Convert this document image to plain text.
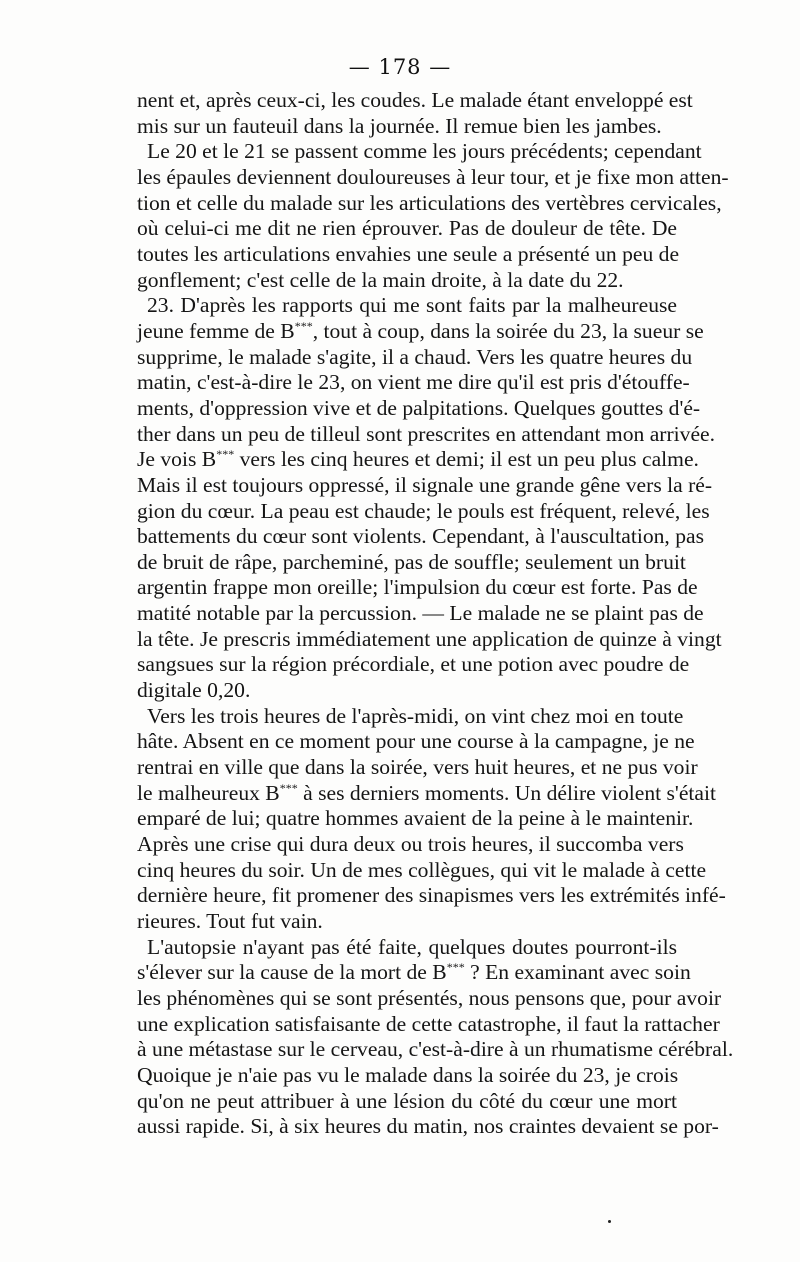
— 178 —
nent et, après ceux-ci, les coudes. Le malade étant enveloppé est
mis sur un fauteuil dans la journée. Il remue bien les jambes.
Le 20 et le 21 se passent comme les jours précédents; cependant
les épaules deviennent douloureuses à leur tour, et je fixe mon atten-
tion et celle du malade sur les articulations des vertèbres cervicales,
où celui-ci me dit ne rien éprouver. Pas de douleur de tête. De
toutes les articulations envahies une seule a présenté un peu de
gonflement; c'est celle de la main droite, à la date du 22.
23. D'après les rapports qui me sont faits par la malheureuse
jeune femme de B***, tout à coup, dans la soirée du 23, la sueur se
supprime, le malade s'agite, il a chaud. Vers les quatre heures du
matin, c'est-à-dire le 23, on vient me dire qu'il est pris d'étouffe-
ments, d'oppression vive et de palpitations. Quelques gouttes d'é-
ther dans un peu de tilleul sont prescrites en attendant mon arrivée.
Je vois B*** vers les cinq heures et demi; il est un peu plus calme.
Mais il est toujours oppressé, il signale une grande gêne vers la ré-
gion du cœur. La peau est chaude; le pouls est fréquent, relevé, les
battements du cœur sont violents. Cependant, à l'auscultation, pas
de bruit de râpe, parcheminé, pas de souffle; seulement un bruit
argentin frappe mon oreille; l'impulsion du cœur est forte. Pas de
matité notable par la percussion. — Le malade ne se plaint pas de
la tête. Je prescris immédiatement une application de quinze à vingt
sangsues sur la région précordiale, et une potion avec poudre de
digitale 0,20.
Vers les trois heures de l'après-midi, on vint chez moi en toute
hâte. Absent en ce moment pour une course à la campagne, je ne
rentrai en ville que dans la soirée, vers huit heures, et ne pus voir
le malheureux B*** à ses derniers moments. Un délire violent s'était
emparé de lui; quatre hommes avaient de la peine à le maintenir.
Après une crise qui dura deux ou trois heures, il succomba vers
cinq heures du soir. Un de mes collègues, qui vit le malade à cette
dernière heure, fit promener des sinapismes vers les extrémités infé-
rieures. Tout fut vain.
L'autopsie n'ayant pas été faite, quelques doutes pourront-ils
s'élever sur la cause de la mort de B*** ? En examinant avec soin
les phénomènes qui se sont présentés, nous pensons que, pour avoir
une explication satisfaisante de cette catastrophe, il faut la rattacher
à une métastase sur le cerveau, c'est-à-dire à un rhumatisme cérébral.
Quoique je n'aie pas vu le malade dans la soirée du 23, je crois
qu'on ne peut attribuer à une lésion du côté du cœur une mort
aussi rapide. Si, à six heures du matin, nos craintes devaient se por-
